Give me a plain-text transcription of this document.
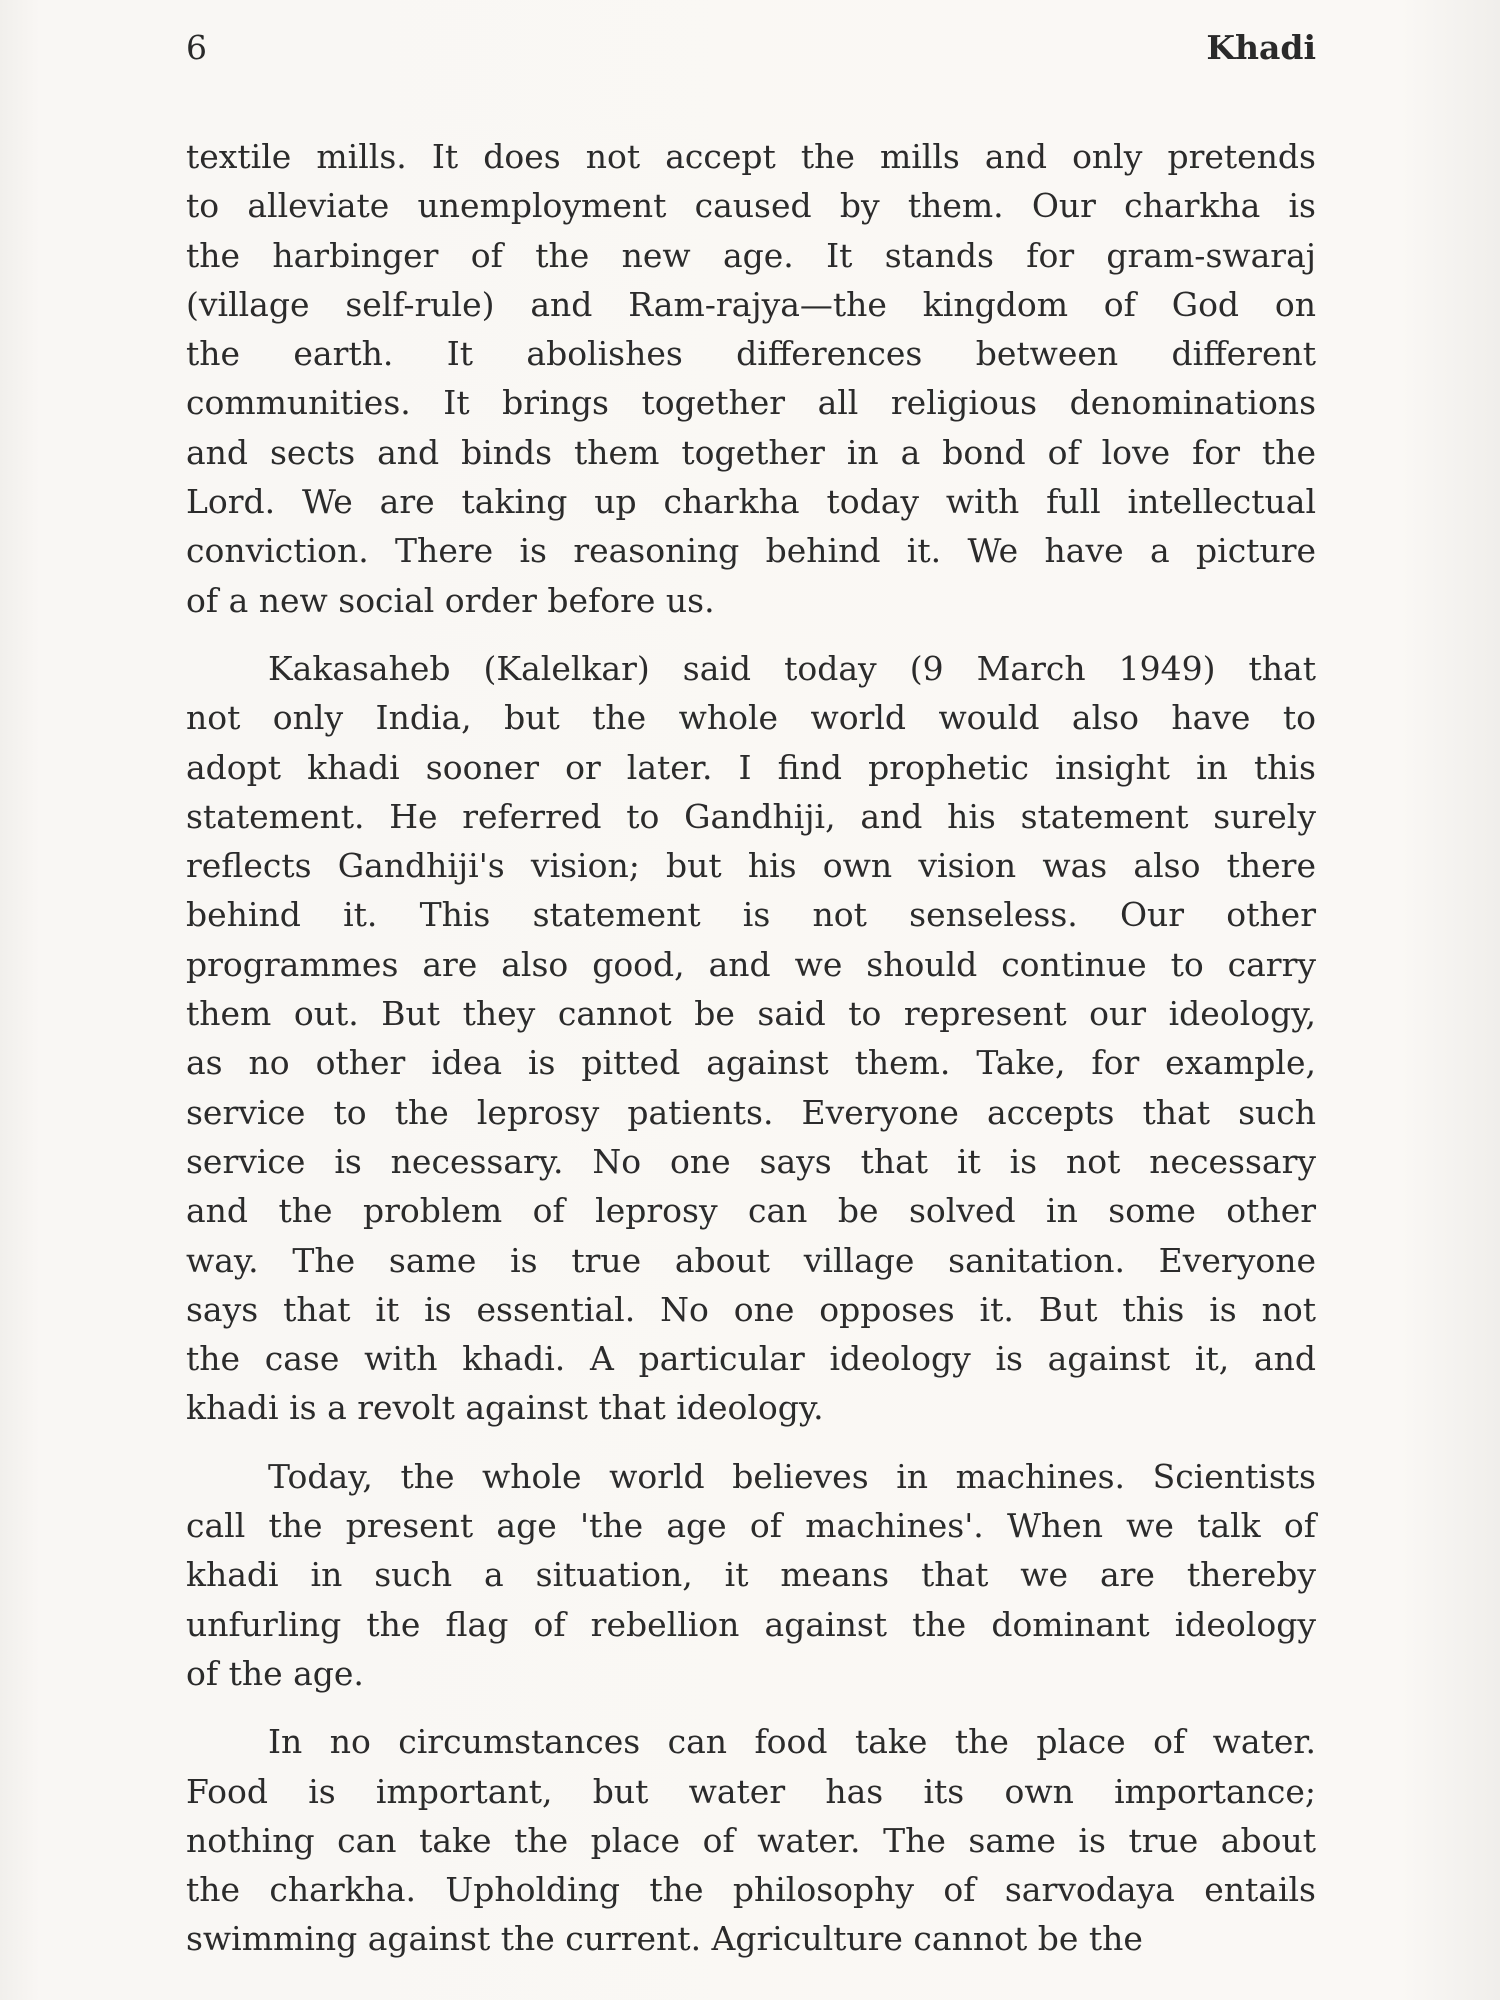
6	Khadi
textile mills. It does not accept the mills and only pretends
to alleviate unemployment caused by them. Our charkha is
the harbinger of the new age. It stands for gram-swaraj
(village self-rule) and Ram-rajya—the kingdom of God on
the earth. It abolishes differences between different
communities. It brings together all religious denominations
and sects and binds them together in a bond of love for the
Lord. We are taking up charkha today with full intellectual
conviction. There is reasoning behind it. We have a picture
of a new social order before us.
Kakasaheb (Kalelkar) said today (9 March 1949) that
not only India, but the whole world would also have to
adopt khadi sooner or later. I find prophetic insight in this
statement. He referred to Gandhiji, and his statement surely
reflects Gandhiji's vision; but his own vision was also there
behind it. This statement is not senseless. Our other
programmes are also good, and we should continue to carry
them out. But they cannot be said to represent our ideology,
as no other idea is pitted against them. Take, for example,
service to the leprosy patients. Everyone accepts that such
service is necessary. No one says that it is not necessary
and the problem of leprosy can be solved in some other
way. The same is true about village sanitation. Everyone
says that it is essential. No one opposes it. But this is not
the case with khadi. A particular ideology is against it, and
khadi is a revolt against that ideology.
Today, the whole world believes in machines. Scientists
call the present age 'the age of machines'. When we talk of
khadi in such a situation, it means that we are thereby
unfurling the flag of rebellion against the dominant ideology
of the age.
In no circumstances can food take the place of water.
Food is important, but water has its own importance;
nothing can take the place of water. The same is true about
the charkha. Upholding the philosophy of sarvodaya entails
swimming against the current. Agriculture cannot be the
